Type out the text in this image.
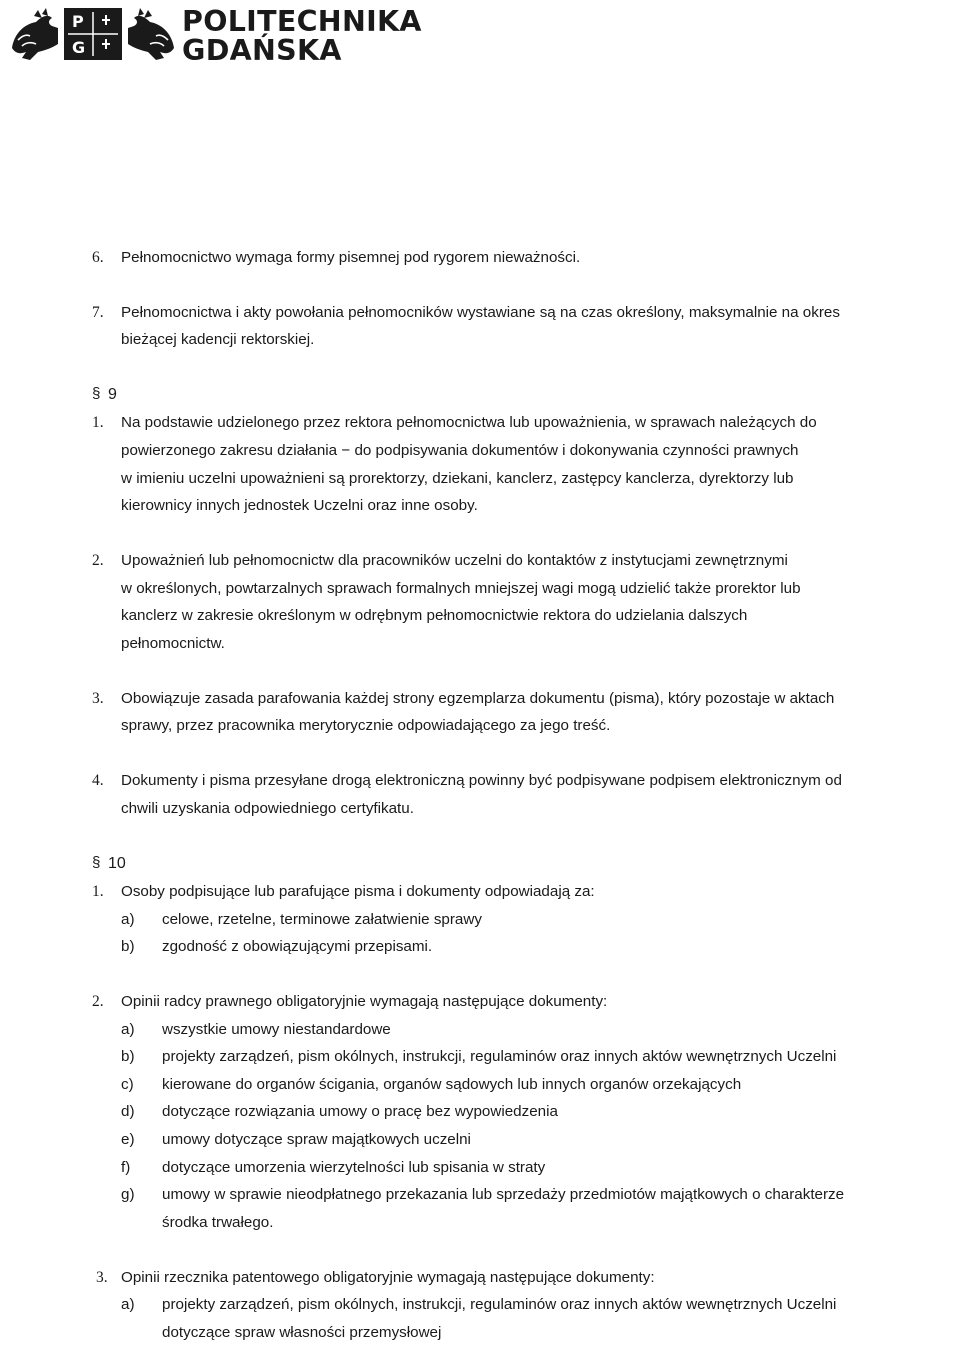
P
G
POLITECHNIKA
GDAŃSKA
6. Pełnomocnictwo wymaga formy pisemnej pod rygorem nieważności.
7. Pełnomocnictwa i akty powołania pełnomocników wystawiane są na czas określony, maksymalnie na okres
bieżącej kadencji rektorskiej.
§ 9
1. Na podstawie udzielonego przez rektora pełnomocnictwa lub upoważnienia, w sprawach należących do
powierzonego zakresu działania − do podpisywania dokumentów i dokonywania czynności prawnych
w imieniu uczelni upoważnieni są prorektorzy, dziekani, kanclerz, zastępcy kanclerza, dyrektorzy lub
kierownicy innych jednostek Uczelni oraz inne osoby.
2. Upoważnień lub pełnomocnictw dla pracowników uczelni do kontaktów z instytucjami zewnętrznymi
w określonych, powtarzalnych sprawach formalnych mniejszej wagi mogą udzielić także prorektor lub
kanclerz w zakresie określonym w odrębnym pełnomocnictwie rektora do udzielania dalszych
pełnomocnictw.
3. Obowiązuje zasada parafowania każdej strony egzemplarza dokumentu (pisma), który pozostaje w aktach
sprawy, przez pracownika merytorycznie odpowiadającego za jego treść.
4. Dokumenty i pisma przesyłane drogą elektroniczną powinny być podpisywane podpisem elektronicznym od
chwili uzyskania odpowiedniego certyfikatu.
§ 10
1. Osoby podpisujące lub parafujące pisma i dokumenty odpowiadają za:
a) celowe, rzetelne, terminowe załatwienie sprawy
b) zgodność z obowiązującymi przepisami.
2. Opinii radcy prawnego obligatoryjnie wymagają następujące dokumenty:
a) wszystkie umowy niestandardowe
b) projekty zarządzeń, pism okólnych, instrukcji, regulaminów oraz innych aktów wewnętrznych Uczelni
c) kierowane do organów ścigania, organów sądowych lub innych organów orzekających
d) dotyczące rozwiązania umowy o pracę bez wypowiedzenia
e) umowy dotyczące spraw majątkowych uczelni
f) dotyczące umorzenia wierzytelności lub spisania w straty
g) umowy w sprawie nieodpłatnego przekazania lub sprzedaży przedmiotów majątkowych o charakterze
środka trwałego.
3. Opinii rzecznika patentowego obligatoryjnie wymagają następujące dokumenty:
a) projekty zarządzeń, pism okólnych, instrukcji, regulaminów oraz innych aktów wewnętrznych Uczelni
dotyczące spraw własności przemysłowej
